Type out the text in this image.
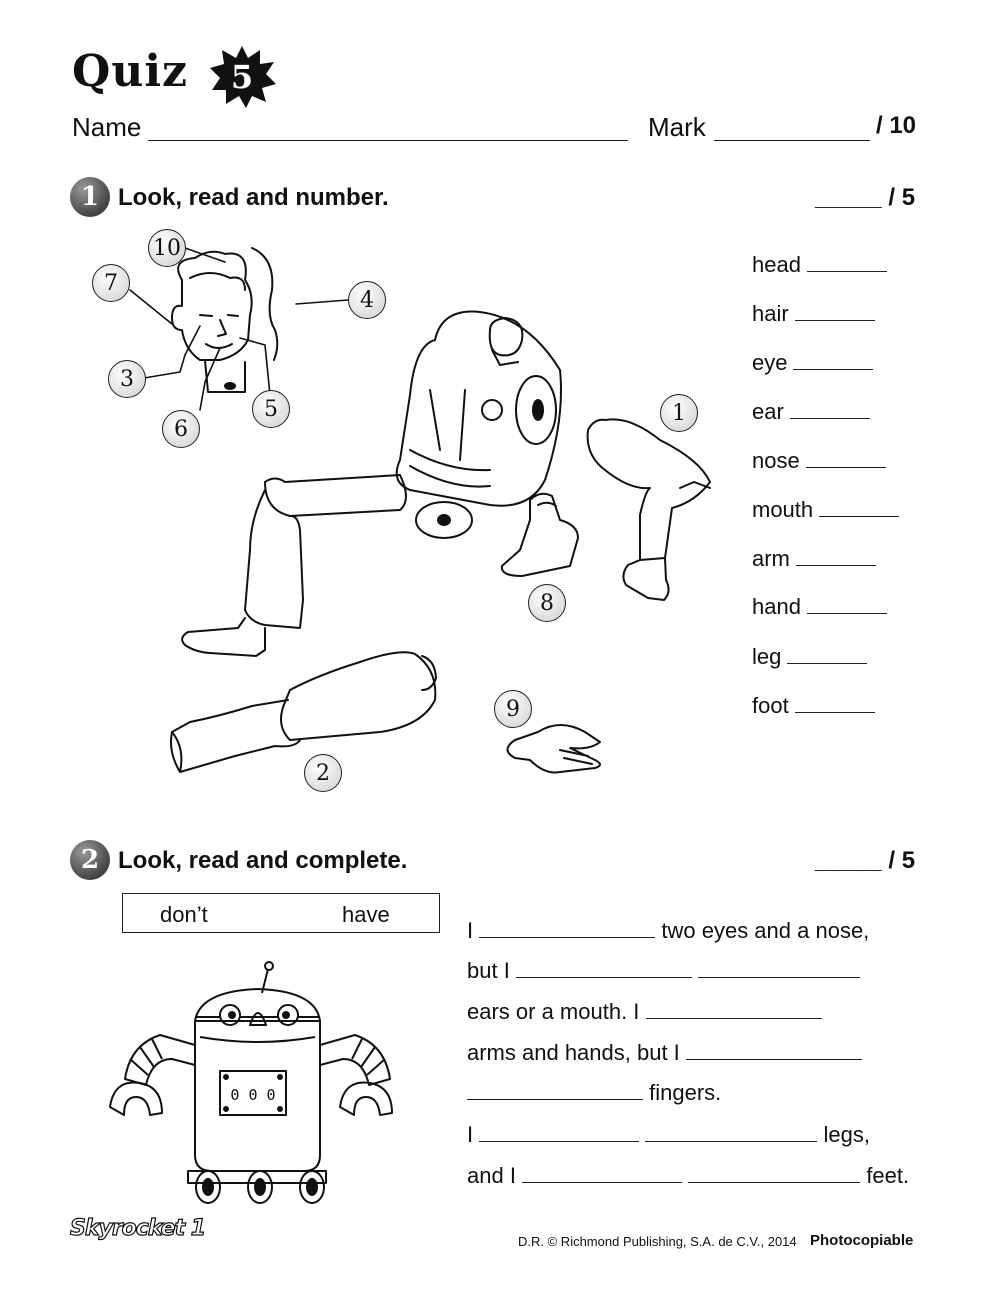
Quiz 5
Name	Mark	/ 10
1 Look, read and number.	_____ / 5
10
7
4
3
5
6
1
8
9
2
head
hair
eye
ear
nose
mouth
arm
hand
leg
foot
2 Look, read and complete.	_____ / 5
don’t	have
0 0 0
I	two eyes and a nose,
but I
ears or a mouth. I
arms and hands, but I
fingers.
I	legs,
and I	feet.
Skyrocket 1
D.R. © Richmond Publishing, S.A. de C.V., 2014 Photocopiable
